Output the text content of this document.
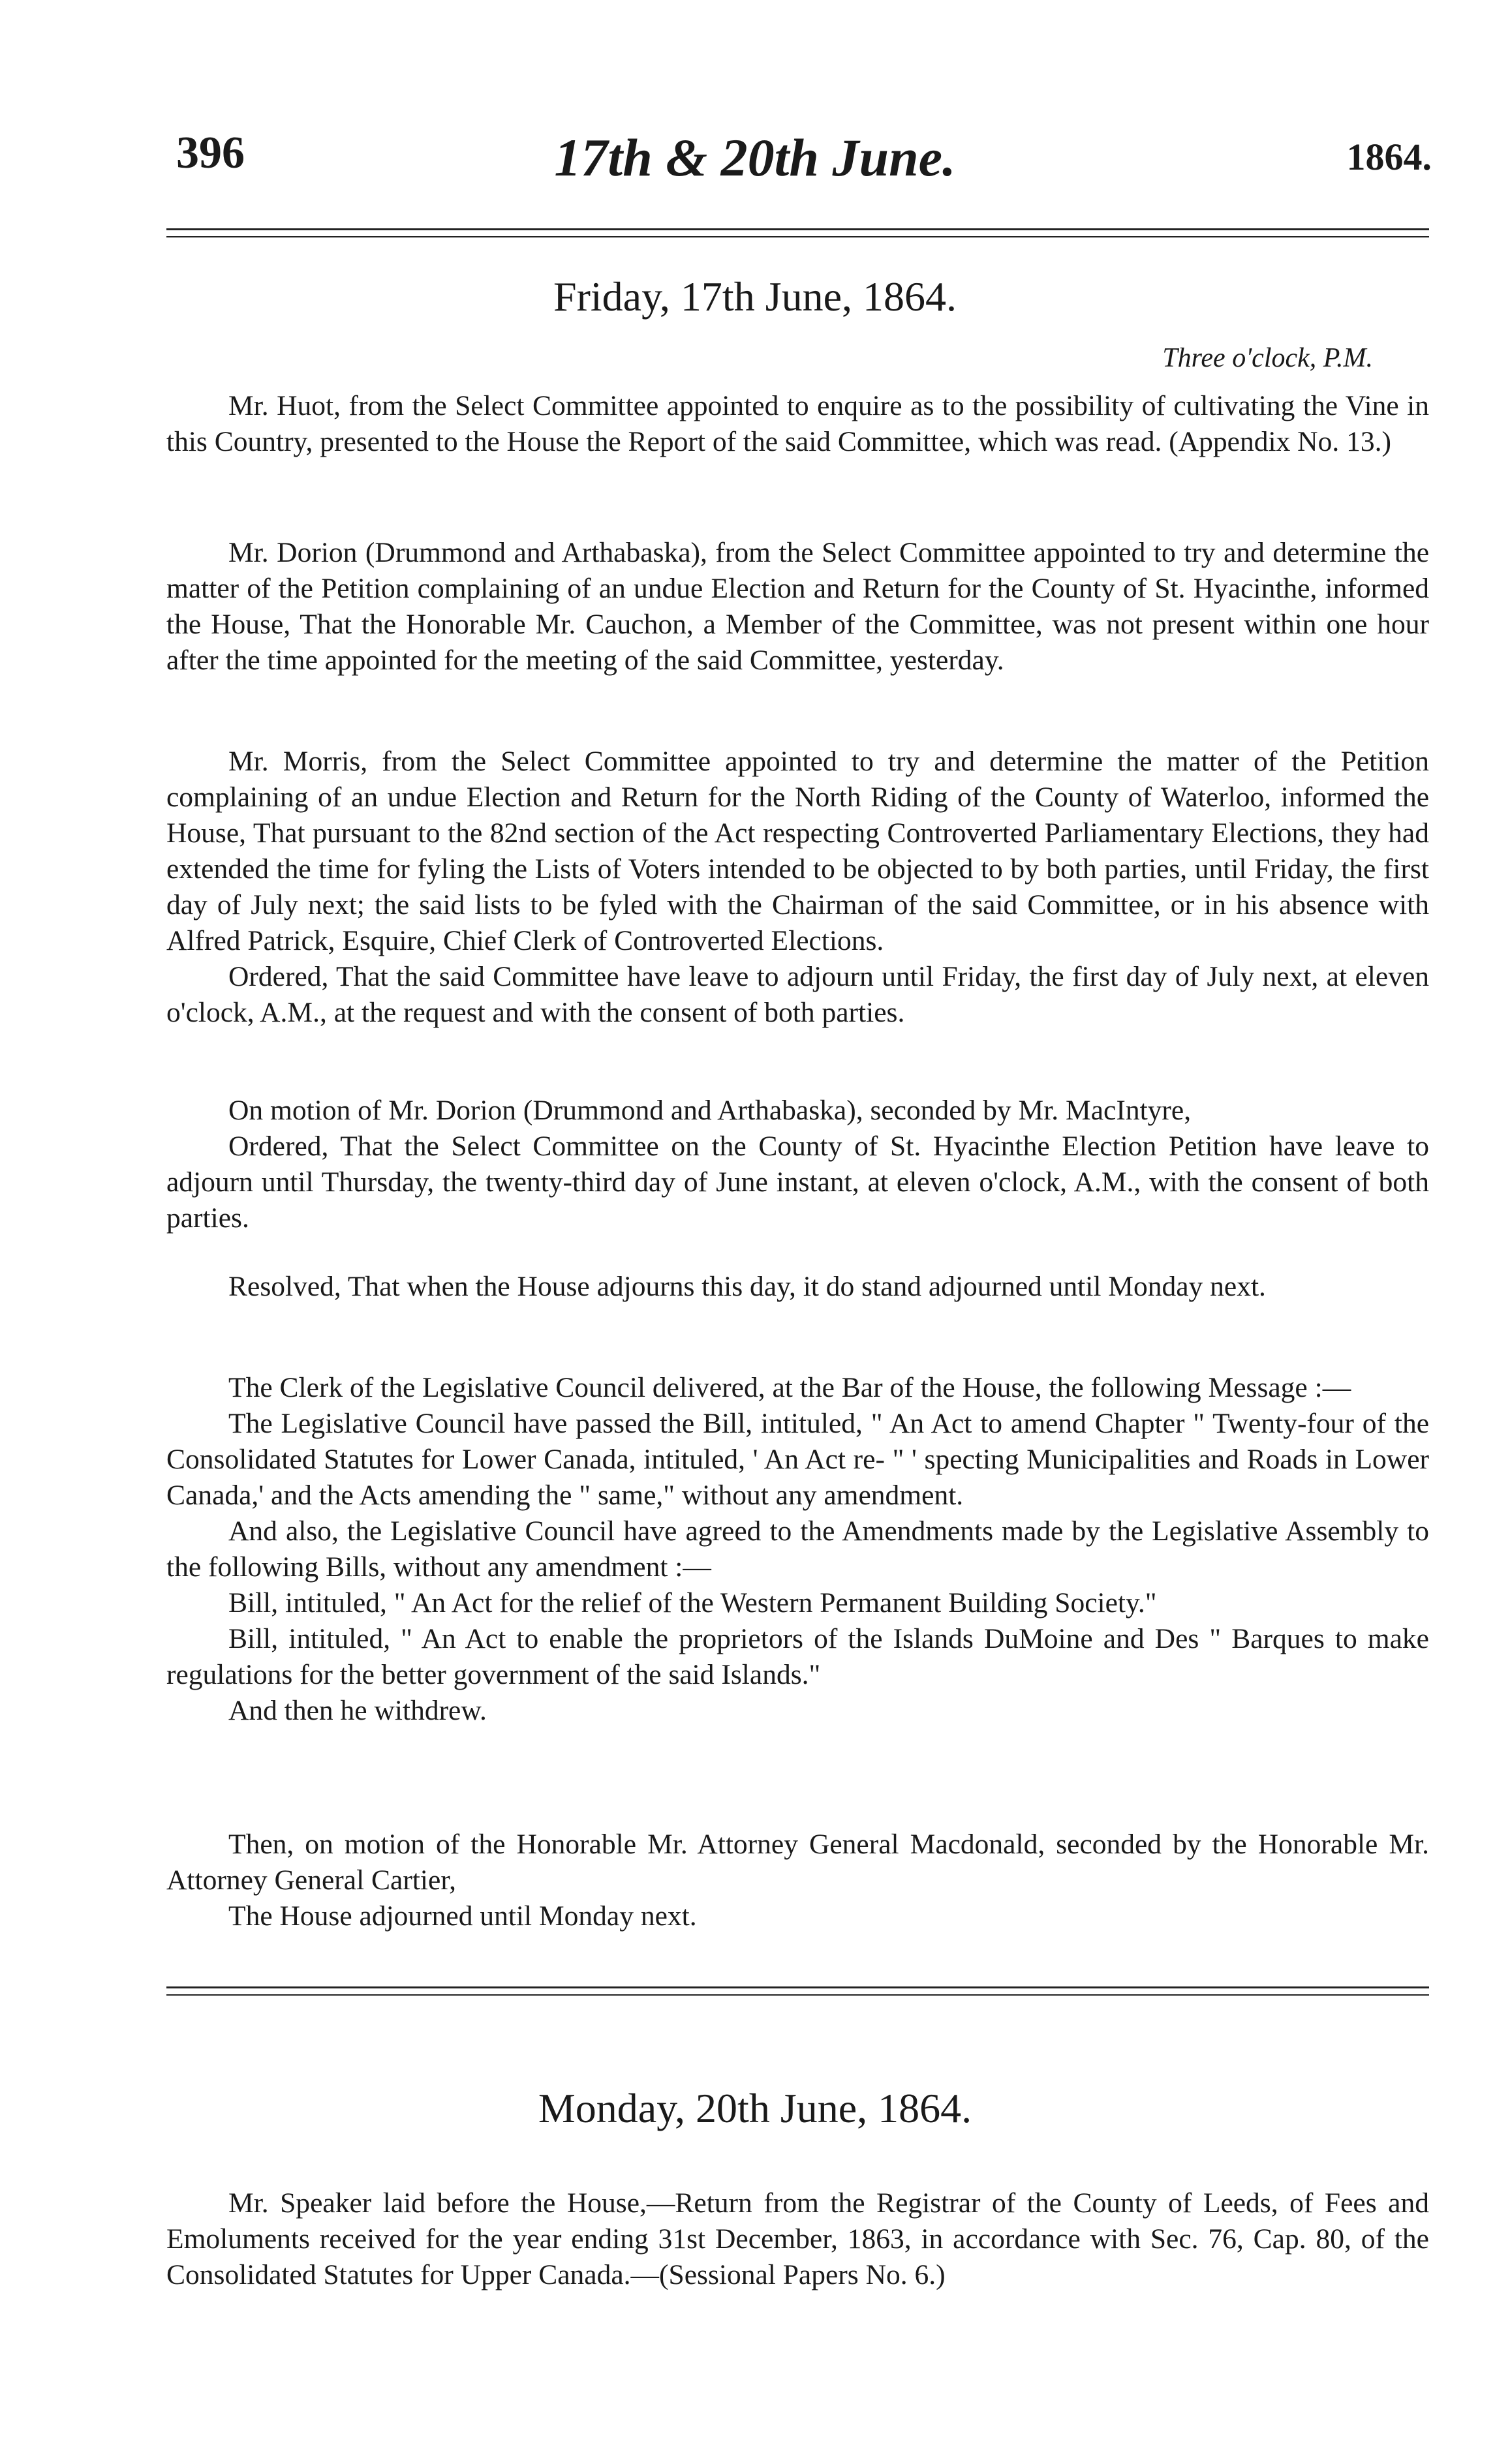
396	17th & 20th June.	1864.
Friday, 17th June, 1864.
Three o'clock, P.M.

Mr. Huot, from the Select Committee appointed to enquire as to the possibility of cultivating the Vine in this Country, presented to the House the Report of the said Committee, which was read. (Appendix No. 13.)

Mr. Dorion (Drummond and Arthabaska), from the Select Committee appointed to try and determine the matter of the Petition complaining of an undue Election and Return for the County of St. Hyacinthe, informed the House, That the Honorable Mr. Cauchon, a Member of the Committee, was not present within one hour after the time appointed for the meeting of the said Committee, yesterday.

Mr. Morris, from the Select Committee appointed to try and determine the matter of the Petition complaining of an undue Election and Return for the North Riding of the County of Waterloo, informed the House, That pursuant to the 82nd section of the Act respecting Controverted Parliamentary Elections, they had extended the time for fyling the Lists of Voters intended to be objected to by both parties, until Friday, the first day of July next; the said lists to be fyled with the Chairman of the said Committee, or in his absence with Alfred Patrick, Esquire, Chief Clerk of Controverted Elections.

Ordered, That the said Committee have leave to adjourn until Friday, the first day of July next, at eleven o'clock, A.M., at the request and with the consent of both parties.

On motion of Mr. Dorion (Drummond and Arthabaska), seconded by Mr. MacIntyre,

Ordered, That the Select Committee on the County of St. Hyacinthe Election Petition have leave to adjourn until Thursday, the twenty-third day of June instant, at eleven o'clock, A.M., with the consent of both parties.

Resolved, That when the House adjourns this day, it do stand adjourned until Monday next.

The Clerk of the Legislative Council delivered, at the Bar of the House, the following Message :—

The Legislative Council have passed the Bill, intituled, " An Act to amend Chapter " Twenty-four of the Consolidated Statutes for Lower Canada, intituled, ' An Act re- " ' specting Municipalities and Roads in Lower Canada,' and the Acts amending the " same," without any amendment.

And also, the Legislative Council have agreed to the Amendments made by the Legislative Assembly to the following Bills, without any amendment :—

Bill, intituled, " An Act for the relief of the Western Permanent Building Society."

Bill, intituled, " An Act to enable the proprietors of the Islands DuMoine and Des " Barques to make regulations for the better government of the said Islands."

And then he withdrew.

Then, on motion of the Honorable Mr. Attorney General Macdonald, seconded by the Honorable Mr. Attorney General Cartier,

The House adjourned until Monday next.

Monday, 20th June, 1864.

Mr. Speaker laid before the House,—Return from the Registrar of the County of Leeds, of Fees and Emoluments received for the year ending 31st December, 1863, in accordance with Sec. 76, Cap. 80, of the Consolidated Statutes for Upper Canada.—(Sessional Papers No. 6.)
